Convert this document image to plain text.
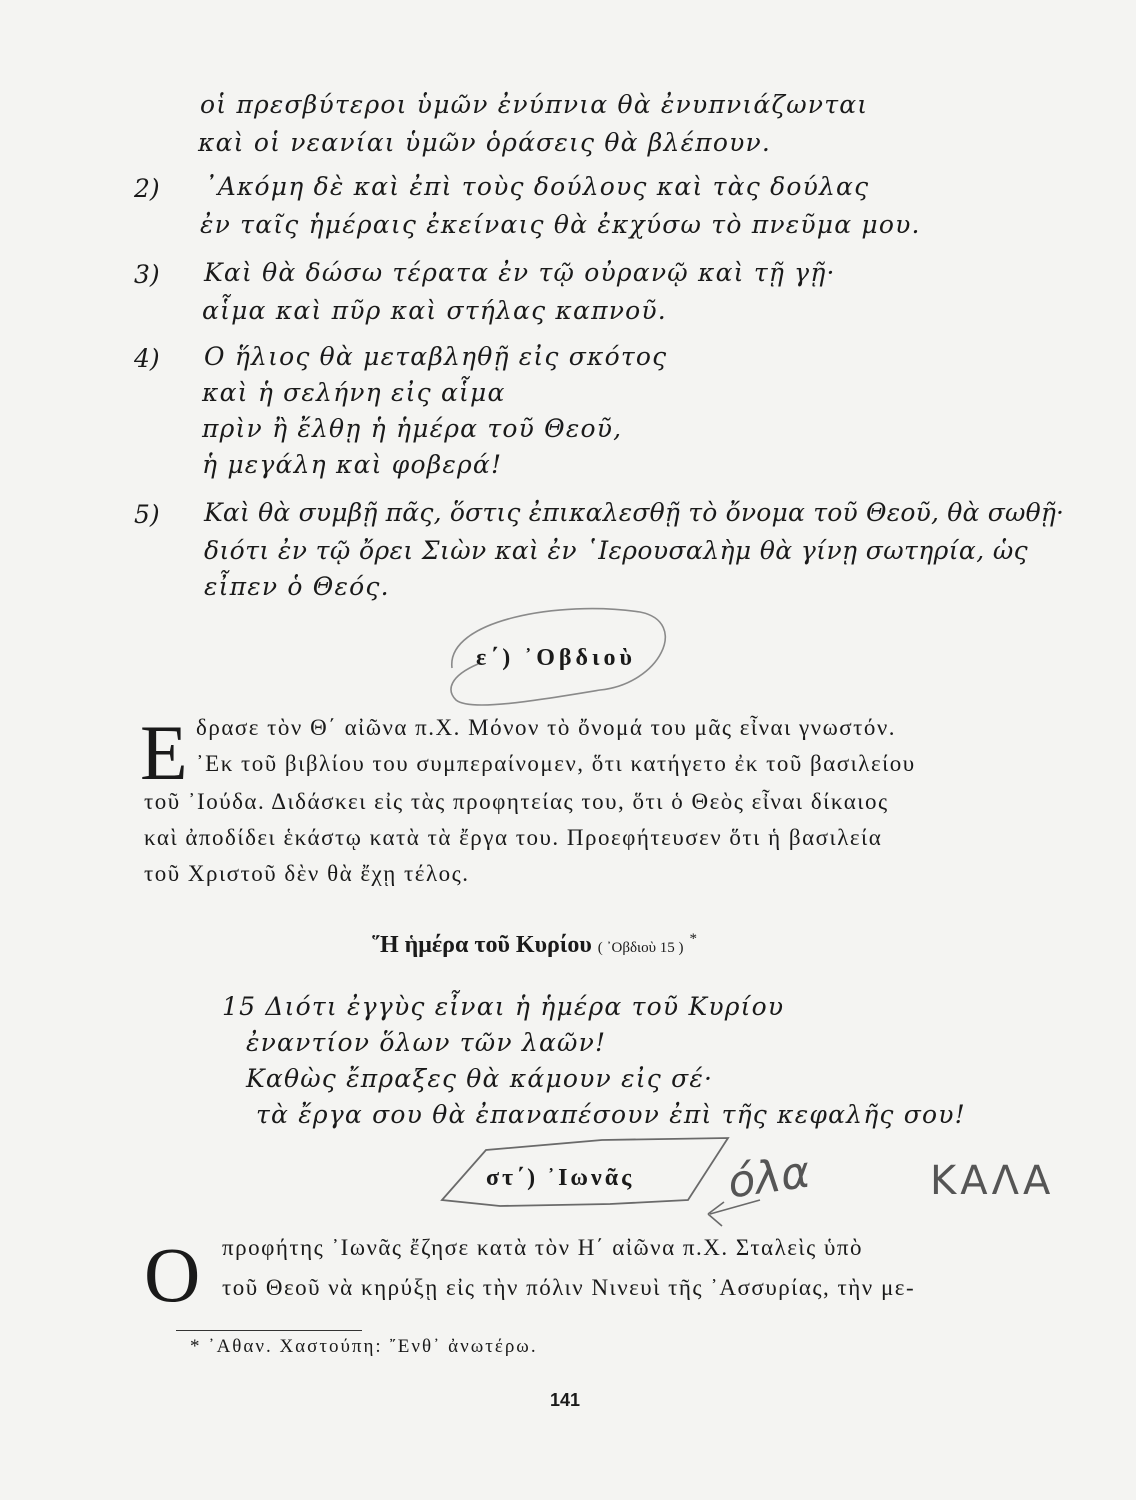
οἱ πρεσβύτεροι ὑμῶν ἐνύπνια θὰ ἐνυπνιάζωνται
καὶ οἱ νεανίαι ὑμῶν ὁράσεις θὰ βλέπουν.
2) ᾿Ακόμη δὲ καὶ ἐπὶ τοὺς δούλους καὶ τὰς δούλας
ἐν ταῖς ἡμέραις ἐκείναις θὰ ἐκχύσω τὸ πνεῦμα μου.
3) Καὶ θὰ δώσω τέρατα ἐν τῷ οὐρανῷ καὶ τῇ γῇ·
αἷμα καὶ πῦρ καὶ στήλας καπνοῦ.
4) Ο ἥλιος θὰ μεταβληθῇ εἰς σκότος
καὶ ἡ σελήνη εἰς αἷμα
πρὶν ἢ ἔλθῃ ἡ ἡμέρα τοῦ Θεοῦ,
ἡ μεγάλη καὶ φοβερά!
5) Καὶ θὰ συμβῇ πᾶς, ὅστις ἐπικαλεσθῇ τὸ ὄνομα τοῦ Θεοῦ, θὰ σωθῇ·
διότι ἐν τῷ ὄρει Σιὼν καὶ ἐν ῾Ιερουσαλὴμ θὰ γίνῃ σωτηρία, ὡς
εἶπεν ὁ Θεός.
ε΄) ᾿Οβδιοὺ
Ε δρασε τὸν Θ΄ αἰῶνα π.Χ. Μόνον τὸ ὄνομά του μᾶς εἶναι γνωστόν.
᾿Εκ τοῦ βιβλίου του συμπεραίνομεν, ὅτι κατήγετο ἐκ τοῦ βασιλείου
τοῦ ᾿Ιούδα. Διδάσκει εἰς τὰς προφητείας του, ὅτι ὁ Θεὸς εἶναι δίκαιος
καὶ ἀποδίδει ἑκάστῳ κατὰ τὰ ἔργα του. Προεφήτευσεν ὅτι ἡ βασιλεία
τοῦ Χριστοῦ δὲν θὰ ἔχῃ τέλος.
῞Η ἡμέρα τοῦ Κυρίου ( ᾿Οβδιοὺ 15 ) *
15 Διότι ἐγγὺς εἶναι ἡ ἡμέρα τοῦ Κυρίου
ἐναντίον ὅλων τῶν λαῶν!
Καθὼς ἔπραξες θὰ κάμουν εἰς σέ·
τὰ ἔργα σου θὰ ἐπαναπέσουν ἐπὶ τῆς κεφαλῆς σου!
στ΄) ᾿Ιωνᾶς
Ο προφήτης ᾿Ιωνᾶς ἔζησε κατὰ τὸν Η΄ αἰῶνα π.Χ. Σταλεὶς ὑπὸ
τοῦ Θεοῦ νὰ κηρύξῃ εἰς τὴν πόλιν Νινευὶ τῆς ᾿Ασσυρίας, τὴν με-
* ᾿Αθαν. Χαστούπη: ῎Ενθ᾿ ἀνωτέρω.
141
όλα	ΚΑΛΑ
